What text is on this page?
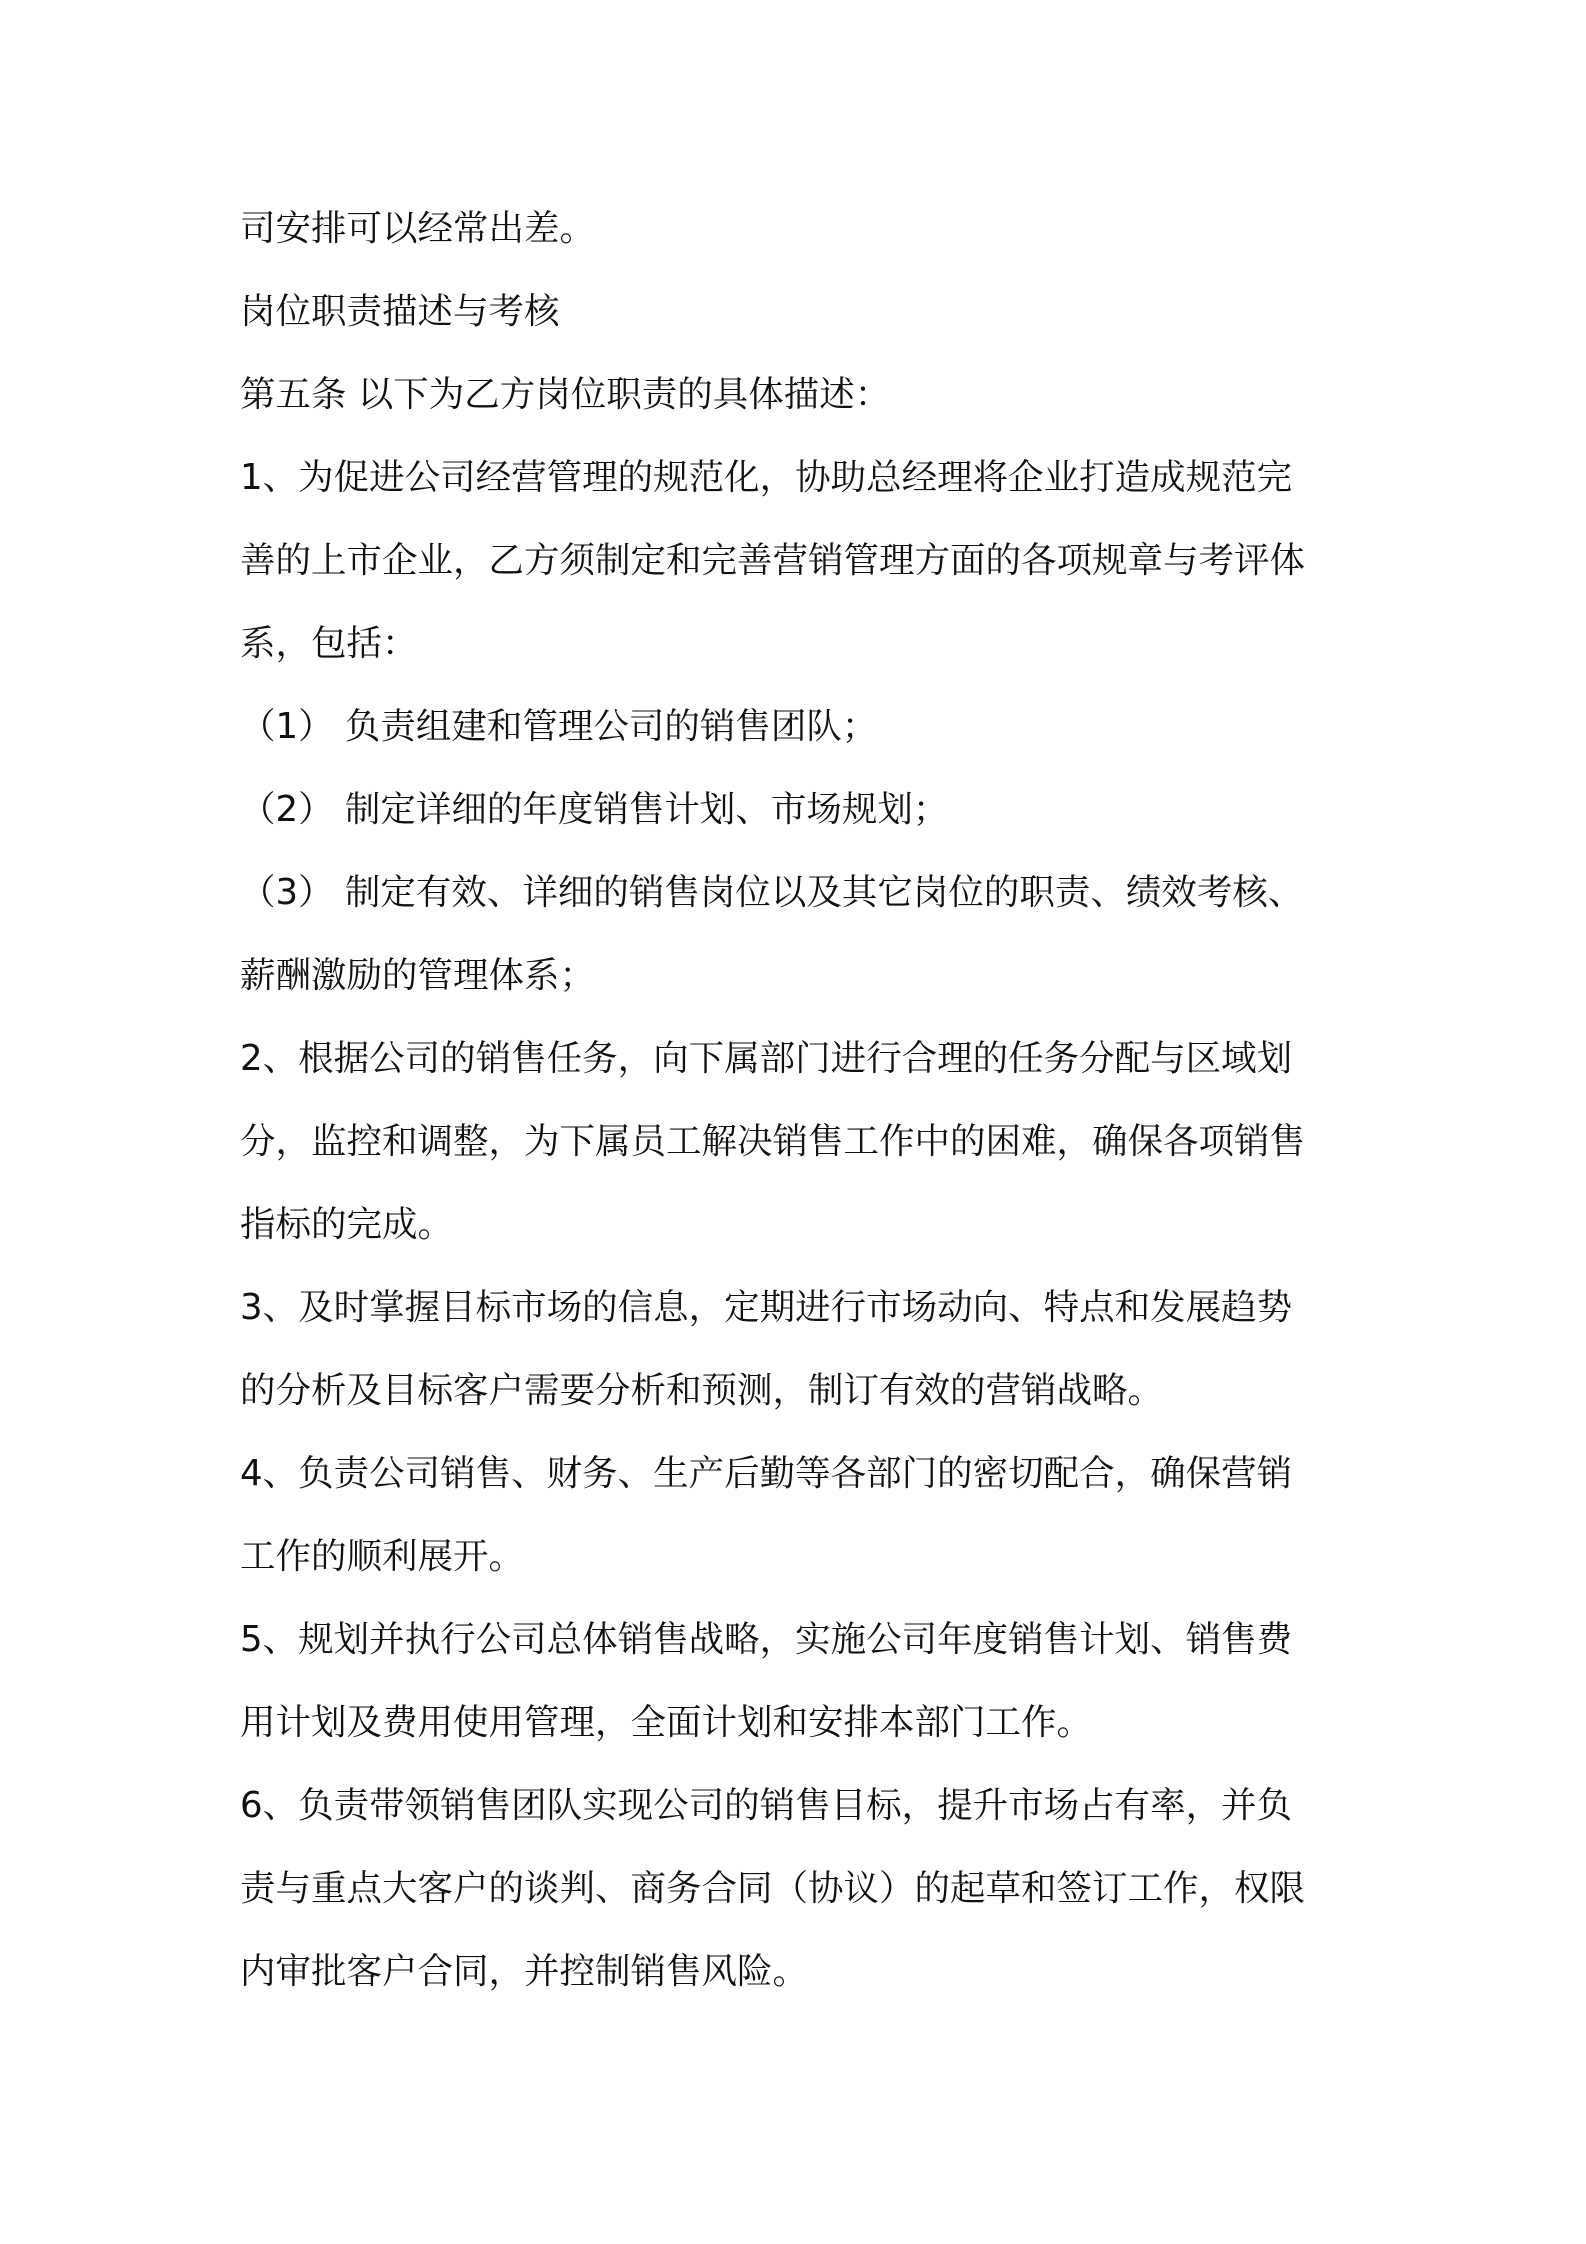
司安排可以经常出差。

岗位职责描述与考核

第五条 以下为乙方岗位职责的具体描述：

1、为促进公司经营管理的规范化，协助总经理将企业打造成规范完

善的上市企业，乙方须制定和完善营销管理方面的各项规章与考评体

系，包括：

（1） 负责组建和管理公司的销售团队；

（2） 制定详细的年度销售计划、市场规划；

（3） 制定有效、详细的销售岗位以及其它岗位的职责、绩效考核、

薪酬激励的管理体系；

2、根据公司的销售任务，向下属部门进行合理的任务分配与区域划

分，监控和调整，为下属员工解决销售工作中的困难，确保各项销售

指标的完成。

3、及时掌握目标市场的信息，定期进行市场动向、特点和发展趋势

的分析及目标客户需要分析和预测，制订有效的营销战略。

4、负责公司销售、财务、生产后勤等各部门的密切配合，确保营销

工作的顺利展开。

5、规划并执行公司总体销售战略，实施公司年度销售计划、销售费

用计划及费用使用管理，全面计划和安排本部门工作。

6、负责带领销售团队实现公司的销售目标，提升市场占有率，并负

责与重点大客户的谈判、商务合同（协议）的起草和签订工作，权限

内审批客户合同，并控制销售风险。
